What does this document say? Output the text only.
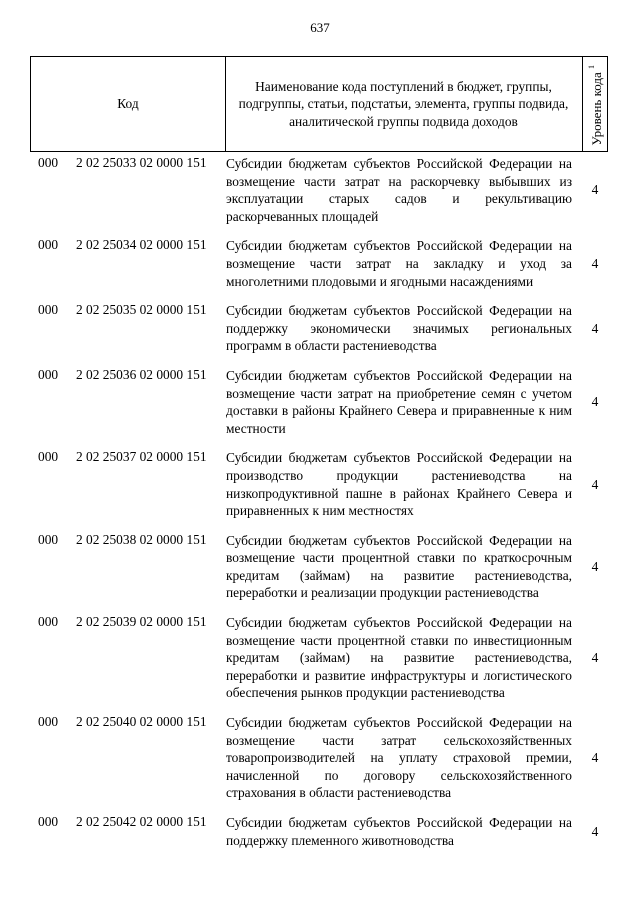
637
Код
Наименование кода поступлений в бюджет, группы, подгруппы, статьи, подстатьи, элемента, группы подвида, аналитической группы подвида доходов	Уровень кода $^1$
000 2 02 25033 02 0000 151 Субсидии бюджетам субъектов Российской Федерации на возмещение части затрат на раскорчевку выбывших из эксплуатации старых садов и рекультивацию раскорчеванных площадей
4
000 2 02 25034 02 0000 151 Субсидии бюджетам субъектов Российской Федерации на возмещение части затрат на закладку и уход за многолетними плодовыми и ягодными насаждениями
4
000 2 02 25035 02 0000 151 Субсидии бюджетам субъектов Российской Федерации на поддержку экономически значимых региональных программ в области растениеводства
4
000 2 02 25036 02 0000 151 Субсидии бюджетам субъектов Российской Федерации на возмещение части затрат на приобретение семян с учетом доставки в районы Крайнего Севера и приравненные к ним местности
4
000 2 02 25037 02 0000 151 Субсидии бюджетам субъектов Российской Федерации на производство продукции растениеводства на низкопродуктивной пашне в районах Крайнего Севера и приравненных к ним местностях
4
000 2 02 25038 02 0000 151 Субсидии бюджетам субъектов Российской Федерации на возмещение части процентной ставки по краткосрочным кредитам (займам) на развитие растениеводства, переработки и реализации продукции растениеводства
4
000 2 02 25039 02 0000 151 Субсидии бюджетам субъектов Российской Федерации на возмещение части процентной ставки по инвестиционным кредитам (займам) на развитие растениеводства, переработки и развитие инфраструктуры и логистического обеспечения рынков продукции растениеводства
4
000 2 02 25040 02 0000 151 Субсидии бюджетам субъектов Российской Федерации на возмещение части затрат сельскохозяйственных товаропроизводителей на уплату страховой премии, начисленной по договору сельскохозяйственного страхования в области растениеводства
4
000 2 02 25042 02 0000 151 Субсидии бюджетам субъектов Российской Федерации на поддержку племенного животноводства
4
